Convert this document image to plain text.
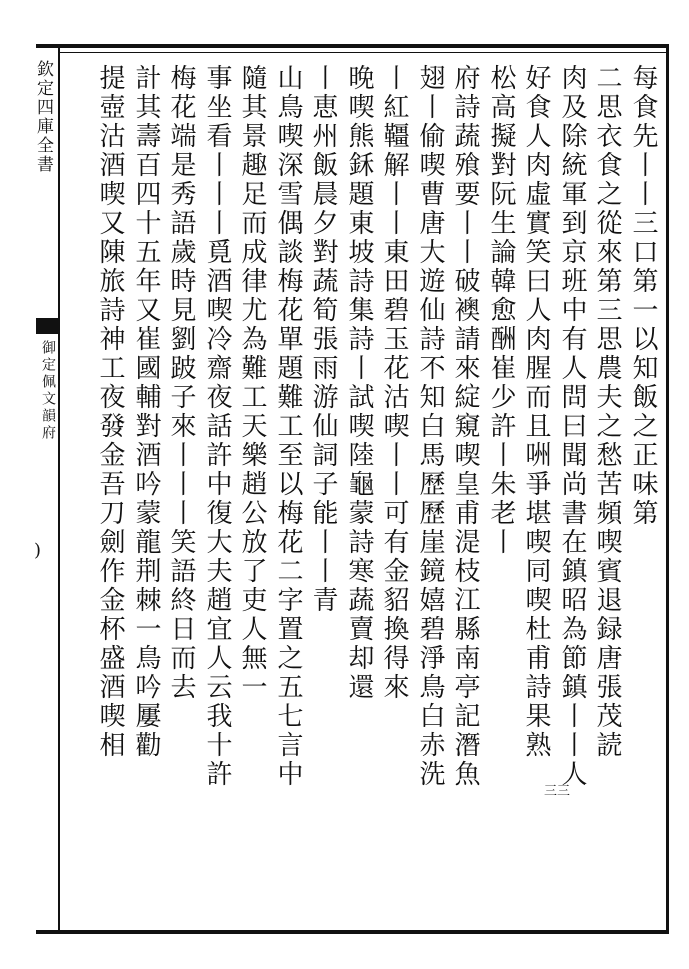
欽定四庫全書
御定佩文韻府
)
三三
每食先丨丨三口第一以知飯之正味第
二思衣食之從來第三思農夫之愁苦頻喫賓退録唐張茂読
肉及除統軍到京班中有人問曰聞尚書在鎮昭為節鎮丨丨人
好食人肉虛實笑曰人肉腥而且㖄爭堪喫同喫杜甫詩果熟
松高擬對阮生論韓愈酬崔少許丨朱老丨
府詩蔬飱要丨丨破襖請來綻窺喫皇甫湜枝江縣南亭記潛魚
翅丨偷喫曹唐大遊仙詩不知白馬歷歷崖鏡嬉碧淨鳥白赤洗
丨紅韁解丨丨東田碧玉花沽喫丨丨可有金貂換得來
晚喫熊鉌題東坡詩集詩丨試喫陸龜蒙詩寒蔬賣却還
丨恵州飯晨夕對蔬筍張雨游仙詞子能丨丨青
山鳥喫深雪偶談梅花單題難工至以梅花二字置之五七言中
隨其景趣足而成律尤為難工天樂趙公放了吏人無一
事坐看丨丨丨覓酒喫冷齋夜話許中復大夫趙宜人云我十許
梅花端是秀語歲時見劉跛子來丨丨丨笑語終日而去
計其壽百四十五年又崔國輔對酒吟蒙龍荆棘一鳥吟屢勸
提壺沽酒喫又陳旅詩神工夜發金吾刀劍作金杯盛酒喫相
